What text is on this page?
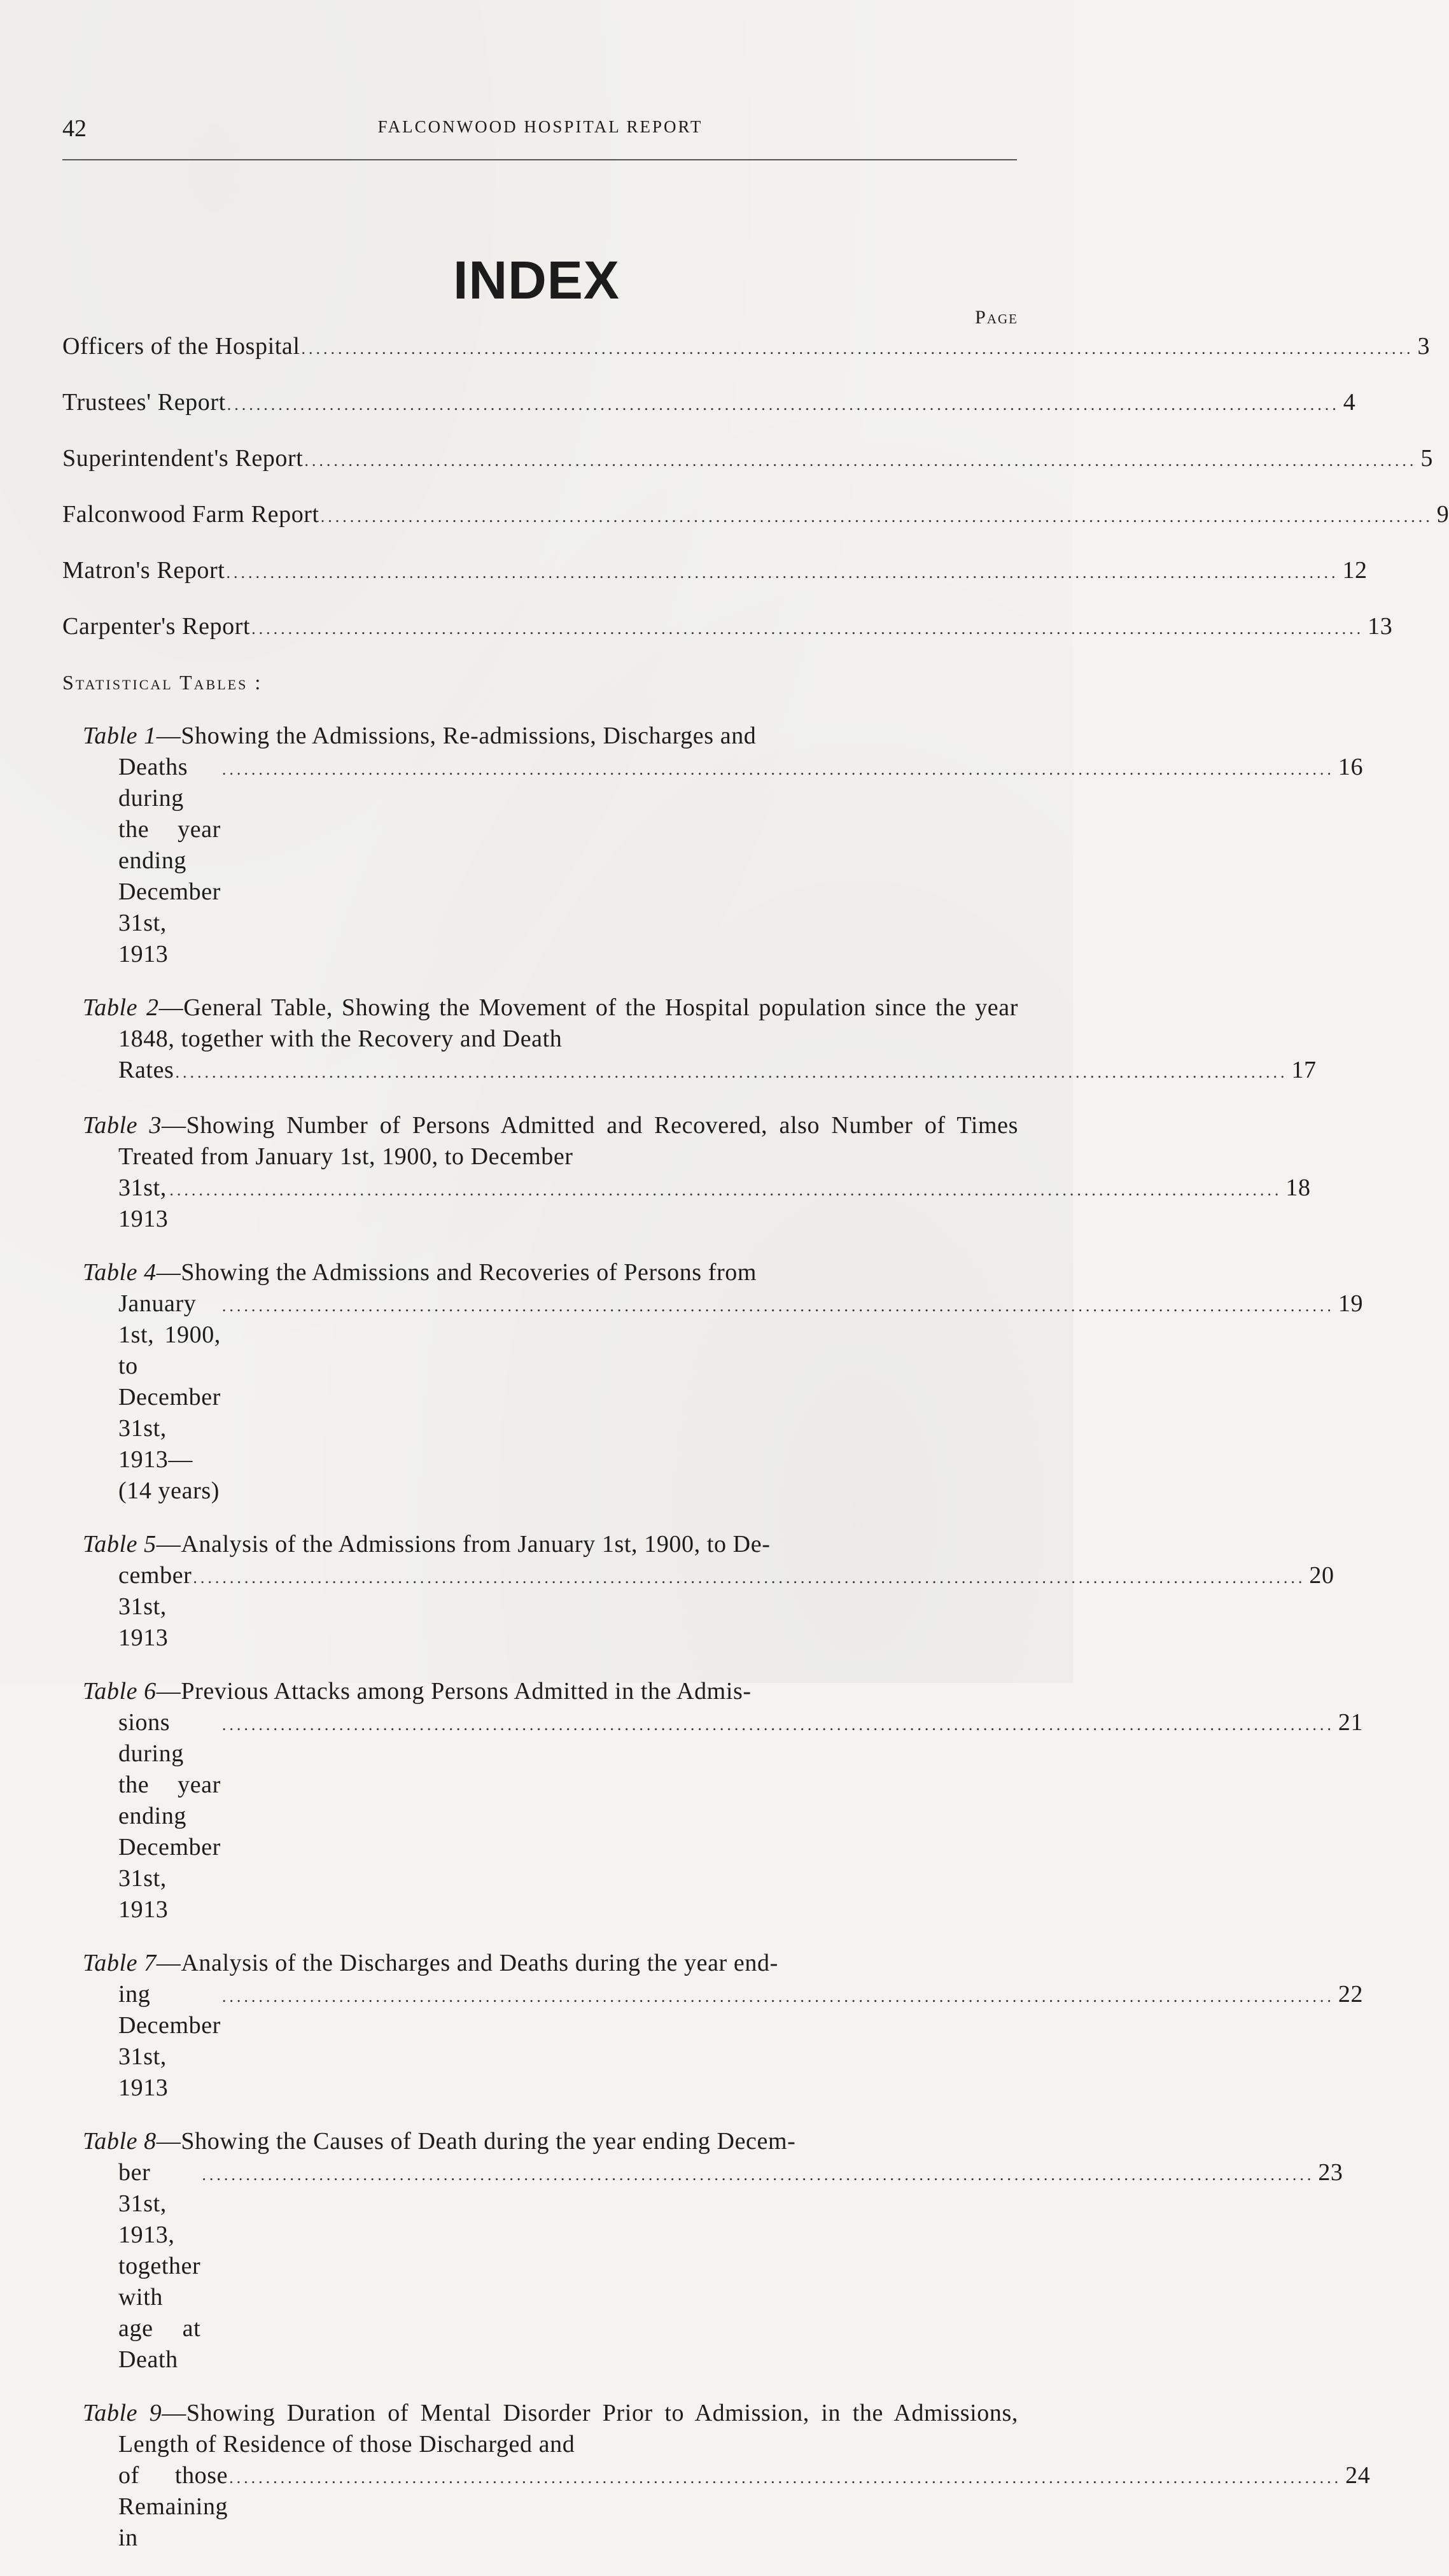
42	FALCONWOOD HOSPITAL REPORT
INDEX
Page
Officers of the Hospital ........................................................................................................................................................ 3
Trustees' Report ........................................................................................................................................................ 4
Superintendent's Report ........................................................................................................................................................ 5
Falconwood Farm Report ........................................................................................................................................................ 9
Matron's Report ........................................................................................................................................................ 12
Carpenter's Report ........................................................................................................................................................ 13
Statistical Tables :
Table 1—Showing the Admissions, Re-admissions, Discharges and
Deaths during the year ending December 31st, 1913
........................................................................................................................................................ 16
Table 2—General Table, Showing the Movement of the Hospital population since the year 1848, together with the Recovery and Death
Rates ........................................................................................................................................................ 17
Table 3—Showing Number of Persons Admitted and Recovered, also Number of Times Treated from January 1st, 1900, to December
31st, 1913
........................................................................................................................................................ 18
Table 4—Showing the Admissions and Recoveries of Persons from
January 1st, 1900, to December 31st, 1913—(14 years)
........................................................................................................................................................ 19
Table 5—Analysis of the Admissions from January 1st, 1900, to De-
cember 31st, 1913
........................................................................................................................................................ 20
Table 6—Previous Attacks among Persons Admitted in the Admis-
sions during the year ending December 31st, 1913
........................................................................................................................................................ 21
Table 7—Analysis of the Discharges and Deaths during the year end-
ing December 31st, 1913
........................................................................................................................................................ 22
Table 8—Showing the Causes of Death during the year ending Decem-
ber 31st, 1913, together with age at Death
........................................................................................................................................................ 23
Table 9—Showing Duration of Mental Disorder Prior to Admission, in the Admissions, Length of Residence of those Discharged and
of those Remaining in
........................................................................................................................................................ 24
